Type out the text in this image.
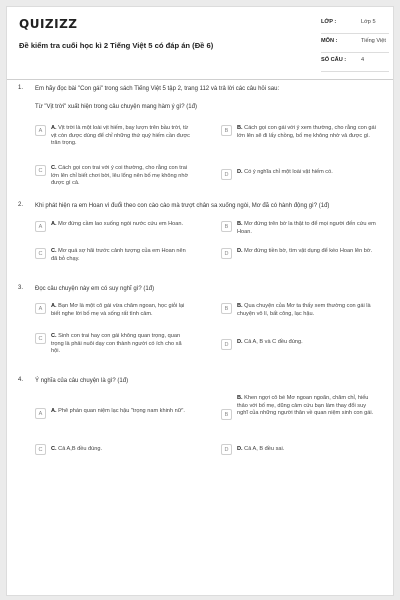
QUIZIZZ
Đề kiểm tra cuối học kì 2 Tiếng Việt 5 có đáp án (Đề 6)
LỚP :	Lớp 5
MÔN :	Tiếng Việt
SỐ CÂU :	4
1. Em hãy đọc bài "Con gái" trong sách Tiếng Việt 5 tập 2, trang 112 và trả lời các câu hỏi sau:
Từ "Vịt trời" xuất hiện trong câu chuyện mang hàm ý gì? (1đ)
A	A. Vịt trời là một loài vịt hiếm, bay lượn trên bầu trời, từ vịt còn được dùng để chỉ những thứ quý hiếm cần được trân trọng.
B	B. Cách gọi con gái với ý xem thường, cho rằng con gái lớn lên sẽ đi lấy chồng, bố mẹ không nhờ vả được gì.
C	C. Cách gọi con trai với ý coi thường, cho rằng con trai lớn lên chỉ biết chơi bời, lêu lổng nên bố mẹ không nhờ được gì cả.
D	D. Có ý nghĩa chỉ một loài vật hiếm có.
2. Khi phát hiện ra em Hoan vì đuổi theo con cào cào mà trượt chân sa xuống ngòi, Mơ đã có hành động gì? (1đ)
A	A. Mơ đứng cầm lao xuống ngòi nước cứu em Hoan.	B	B. Mơ đứng trên bờ la thật to để mọi người đến cứu em Hoan.
C	C. Mơ quá sợ hãi trước cảnh tượng của em Hoan nên đã bỏ chạy.
D	D. Mơ đứng tiền bờ, tìm vật dụng để kéo Hoan lên bờ.
3. Đọc câu chuyện này em có suy nghĩ gì? (1đ)
A	A. Bạn Mơ là một cô gái vừa chăm ngoan, học giỏi lại biết nghe lời bố mẹ và sống rất tình cảm.
B	B. Qua chuyện của Mơ ta thấy xem thường con gái là chuyện vô lí, bất công, lạc hậu.
C	C. Sinh con trai hay con gái không quan trọng, quan trọng là phải nuôi dạy con thành người có ích cho xã hội.
D	D. Cả A, B và C đều đúng.
4. Ý nghĩa của câu chuyện là gì? (1đ)
A	A. Phê phán quan niệm lạc hậu "trọng nam khinh nữ".
B
B. Khen ngợi cô bé Mơ ngoan ngoãn, chăm chỉ, hiếu thảo với bố mẹ, dũng cảm cứu bạn làm thay đổi suy nghĩ của những người thân về quan niệm sinh con gái.
C	C. Cả A,B đều đúng.	D	D. Cả A, B đều sai.
